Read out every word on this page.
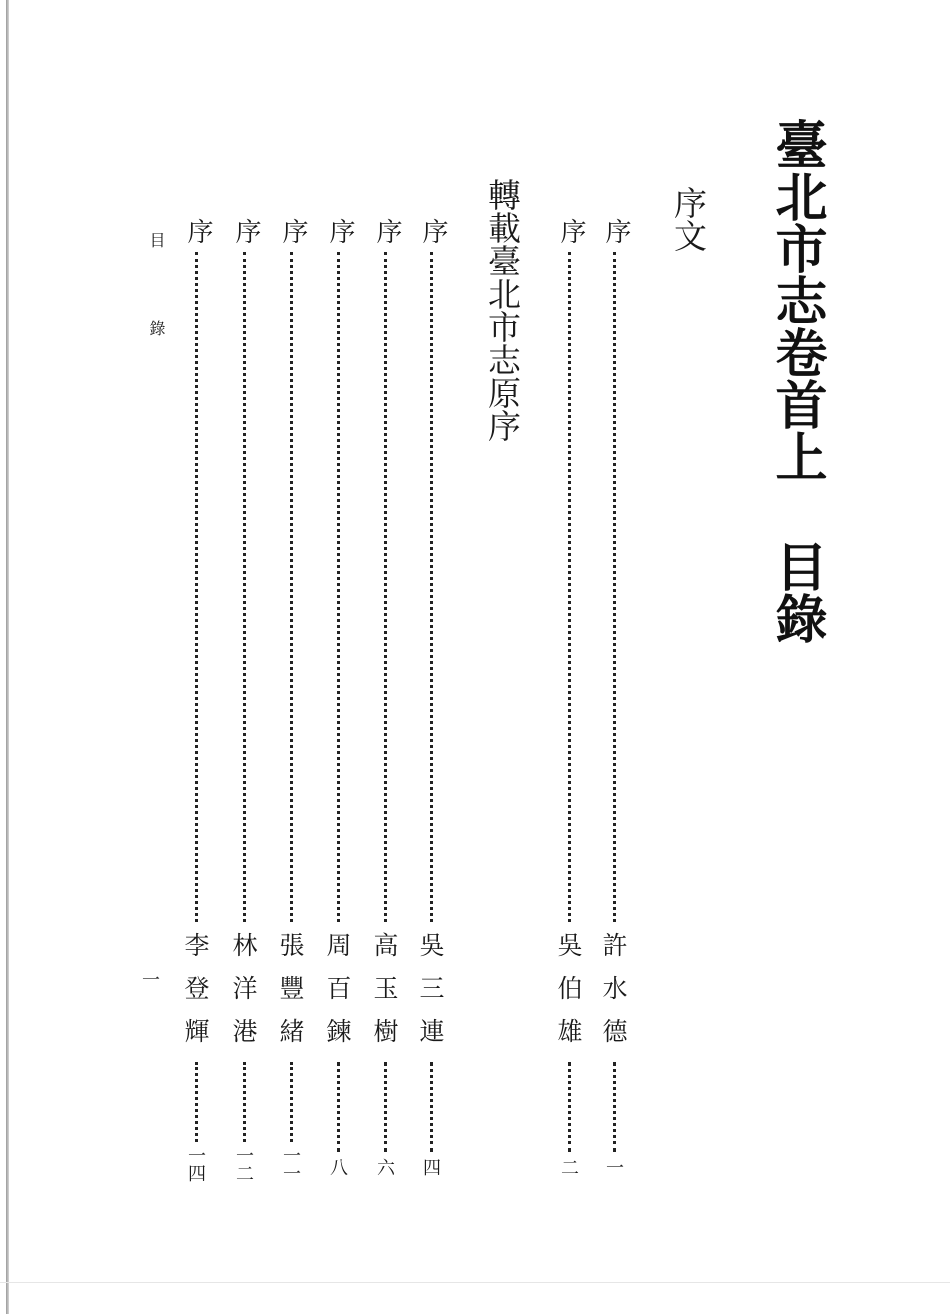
臺北市志卷首上
目錄
序文
序
許水德
一
序
吳伯雄
二
轉載臺北市志原序
序
吳三連
四
序
高玉樹
六
序
周百鍊
八
序
張豐緒
一一
序
林洋港
一二
序
李登輝
一四
目錄
一
